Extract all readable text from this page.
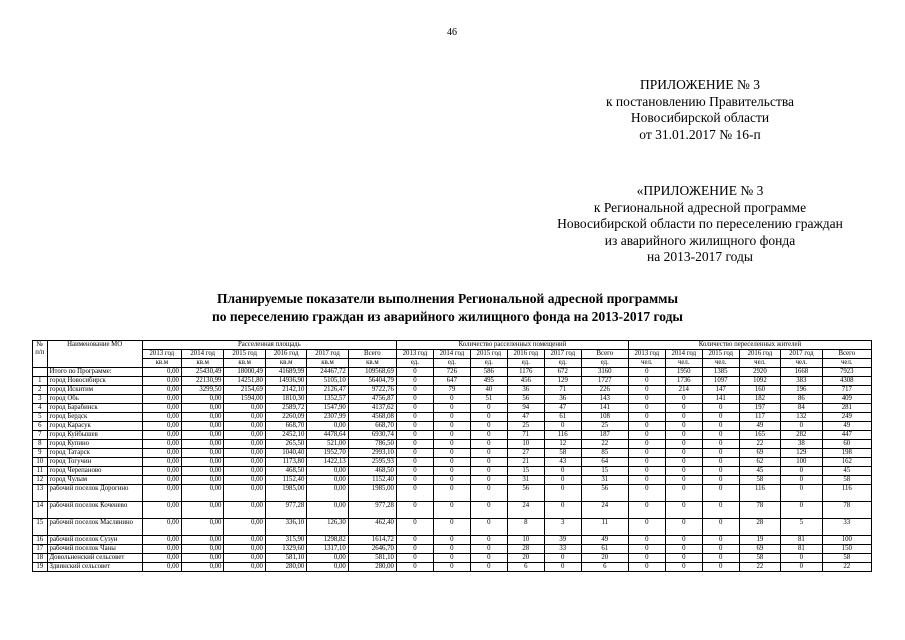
46
ПРИЛОЖЕНИЕ № 3
к постановлению Правительства
Новосибирской области
от 31.01.2017 № 16-п
«ПРИЛОЖЕНИЕ № 3
к Региональной адресной программе
Новосибирской области по переселению граждан
из аварийного жилищного фонда
на 2013-2017 годы
Планируемые показатели выполнения Региональной адресной программы
по переселению граждан из аварийного жилищного фонда на 2013-2017 годы
№ п/п	Наименование МО	Расселенная площадь						Количество расселенных помещений						Количество переселенных жителей					
		2013 год	2014 год	2015 год	2016 год	2017 год	Всего	2013 год	2014 год	2015 год	2016 год	2017 год	Всего	2013 год	2014 год	2015 год	2016 год	2017 год	Всего
		кв.м	кв.м	кв.м	кв.м	кв.м	кв.м	ед.	ед.	ед.	ед.	ед.	ед.	чел.	чел.	чел.	чел.	чел.	чел.
	Итого по Программе:	0,00	25430,49	18000,49	41689,99	24467,72	109568,69	0	726	586	1176	672	3160	0	1950	1385	2920	1668	7923
1	город Новосибирск	0,00	22130,99	14251,80	14936,90	5105,10	56404,79	0	647	495	456	129	1727	0	1736	1097	1092	383	4308
2	город Искитим	0,00	3299,50	2154,69	2142,10	2126,47	9722,76	0	79	40	36	71	226	0	214	147	160	196	717
3	город Обь	0,00	0,00	1594,00	1810,30	1352,57	4756,87	0	0	51	56	36	143	0	0	141	182	86	409
4	город Барабинск	0,00	0,00	0,00	2589,72	1547,90	4137,62	0	0	0	94	47	141	0	0	0	197	84	281
5	город Бердск	0,00	0,00	0,00	2260,09	2307,99	4568,08	0	0	0	47	61	108	0	0	0	117	132	249
6	город Карасук	0,00	0,00	0,00	668,70	0,00	668,70	0	0	0	25	0	25	0	0	0	49	0	49
7	город Куйбышев	0,00	0,00	0,00	2452,10	4478,64	6930,74	0	0	0	71	116	187	0	0	0	165	282	447
8	город Купино	0,00	0,00	0,00	265,50	521,00	786,50	0	0	0	10	12	22	0	0	0	22	38	60
9	город Татарск	0,00	0,00	0,00	1040,40	1952,70	2993,10	0	0	0	27	58	85	0	0	0	69	129	198
10	город Тогучин	0,00	0,00	0,00	1173,80	1422,13	2595,93	0	0	0	21	43	64	0	0	0	62	100	162
11	город Черепаново	0,00	0,00	0,00	468,50	0,00	468,50	0	0	0	15	0	15	0	0	0	45	0	45
12	город Чулым	0,00	0,00	0,00	1152,40	0,00	1152,40	0	0	0	31	0	31	0	0	0	58	0	58
13	рабочий поселок Дорогино	0,00	0,00	0,00	1985,00	0,00	1985,00	0	0	0	56	0	56	0	0	0	116	0	116
14	рабочий поселок Коченево	0,00	0,00	0,00	977,28	0,00	977,28	0	0	0	24	0	24	0	0	0	78	0	78
15	рабочий поселок Маслянино	0,00	0,00	0,00	336,10	126,30	462,40	0	0	0	8	3	11	0	0	0	28	5	33
16	рабочий поселок Сузун	0,00	0,00	0,00	315,90	1298,82	1614,72	0	0	0	10	39	49	0	0	0	19	81	100
17	рабочий поселок Чаны	0,00	0,00	0,00	1329,60	1317,10	2646,70	0	0	0	28	33	61	0	0	0	69	81	150
18	Довольненский сельсовет	0,00	0,00	0,00	581,10	0,00	581,10	0	0	0	20	0	20	0	0	0	58	0	58
19	Здвинский сельсовет	0,00	0,00	0,00	280,00	0,00	280,00	0	0	0	6	0	6	0	0	0	22	0	22
